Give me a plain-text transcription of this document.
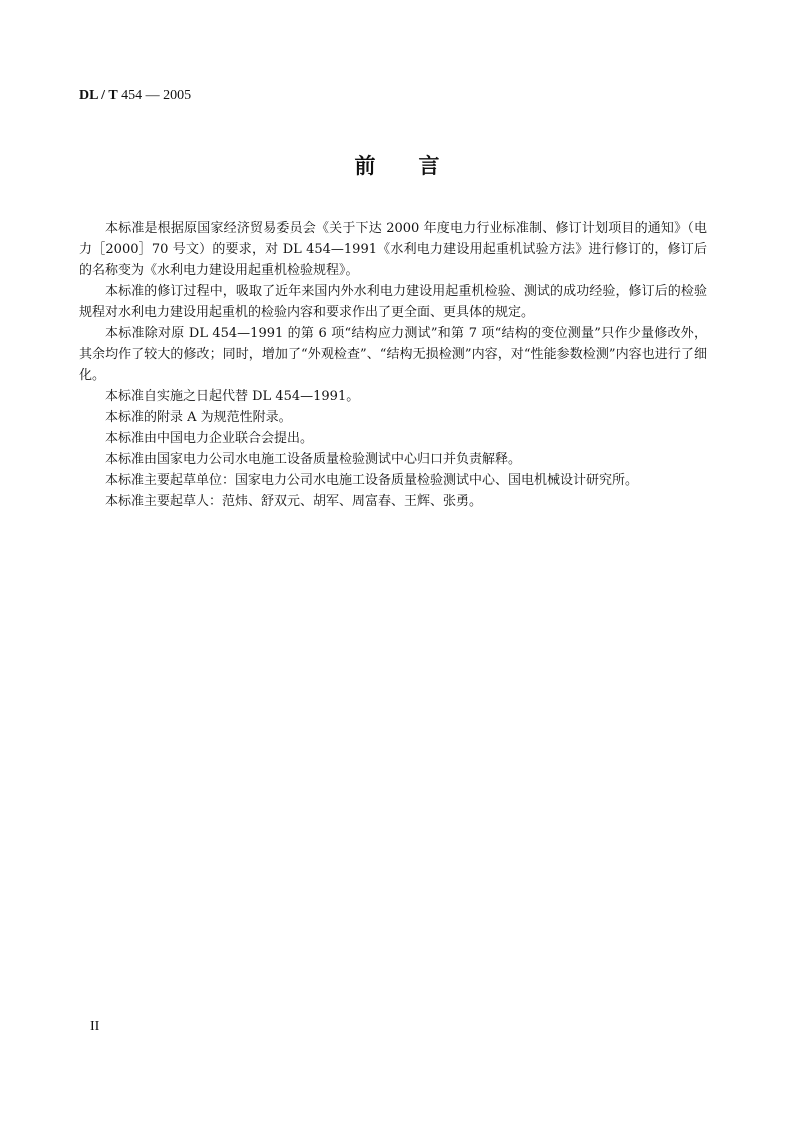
DL / T 454 — 2005
前言

本标准是根据原国家经济贸易委员会《关于下达 2000 年度电力行业标准制、修订计划项目的通知》（电力［2000］70 号文）的要求，对 DL 454—1991《水利电力建设用起重机试验方法》进行修订的，修订后的名称变为《水利电力建设用起重机检验规程》。

本标准的修订过程中，吸取了近年来国内外水利电力建设用起重机检验、测试的成功经验，修订后的检验规程对水利电力建设用起重机的检验内容和要求作出了更全面、更具体的规定。

本标准除对原 DL 454—1991 的第 6 项“结构应力测试”和第 7 项“结构的变位测量”只作少量修改外，其余均作了较大的修改；同时，增加了“外观检查”、“结构无损检测”内容，对“性能参数检测”内容也进行了细化。

本标准自实施之日起代替 DL 454—1991。

本标准的附录 A 为规范性附录。

本标准由中国电力企业联合会提出。

本标准由国家电力公司水电施工设备质量检验测试中心归口并负责解释。

本标准主要起草单位：国家电力公司水电施工设备质量检验测试中心、国电机械设计研究所。

本标准主要起草人：范炜、舒双元、胡军、周富春、王辉、张勇。

II
